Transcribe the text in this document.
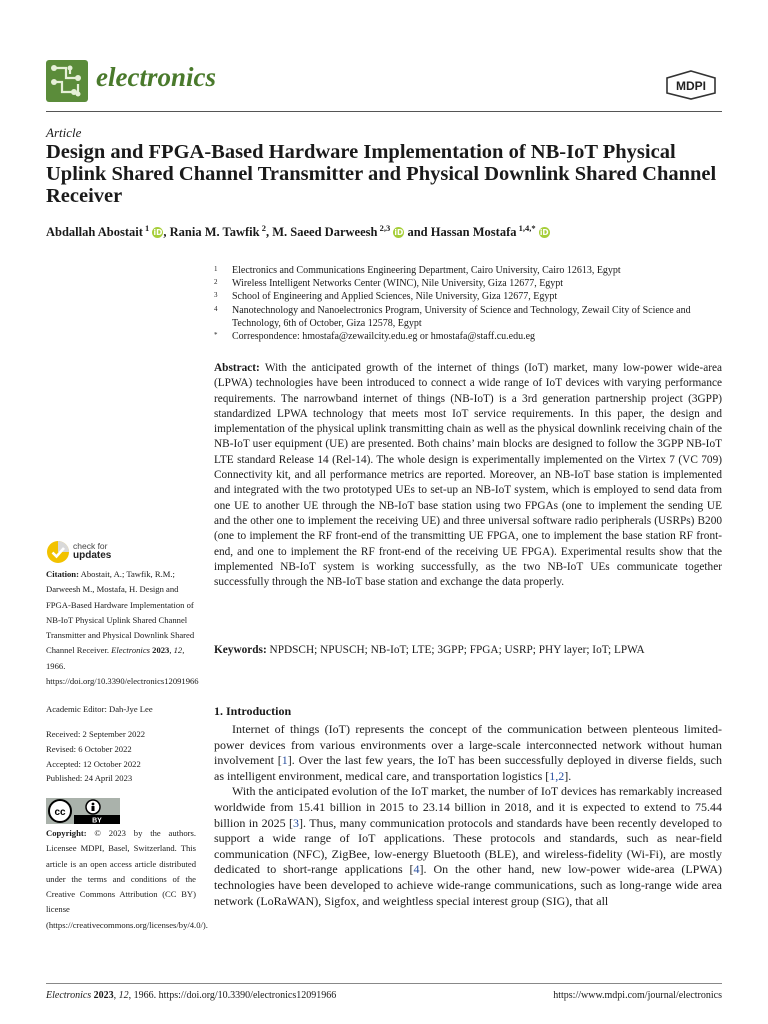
electronics	MDPI
Article
Design and FPGA-Based Hardware Implementation of NB-IoT Physical Uplink Shared Channel Transmitter and Physical Downlink Shared Channel Receiver
Abdallah Abostait $^1$ iD, Rania M. Tawfik $^2$, M. Saeed Darweesh $^{2,3}$ iD and Hassan Mostafa $^{1,4,*}$ iD
1	Electronics and Communications Engineering Department, Cairo University, Cairo 12613, Egypt
2	Wireless Intelligent Networks Center (WINC), Nile University, Giza 12677, Egypt
3	School of Engineering and Applied Sciences, Nile University, Giza 12677, Egypt
4	Nanotechnology and Nanoelectronics Program, University of Science and Technology, Zewail City of Science and Technology, 6th of October, Giza 12578, Egypt
*	Correspondence: hmostafa@zewailcity.edu.eg or hmostafa@staff.cu.edu.eg
Abstract: With the anticipated growth of the internet of things (IoT) market, many low-power wide-area (LPWA) technologies have been introduced to connect a wide range of IoT devices with varying performance requirements. The narrowband internet of things (NB-IoT) is a 3rd generation partnership project (3GPP) standardized LPWA technology that meets most IoT service requirements. In this paper, the design and implementation of the physical uplink transmitting chain as well as the physical downlink receiving chain of the NB-IoT user equipment (UE) are presented. Both chains’ main blocks are designed to follow the 3GPP NB-IoT LTE standard Release 14 (Rel-14). The whole design is experimentally implemented on the Virtex 7 (VC 709) Connectivity kit, and all performance metrics are reported. Moreover, an NB-IoT base station is implemented and integrated with the two prototyped UEs to set-up an NB-IoT system, which is employed to send data from one UE to another UE through the NB-IoT base station using two FPGAs (one to implement the sending UE and the other one to implement the receiving UE) and three universal software radio peripherals (USRPs) B200 (one to implement the RF front-end of the transmitting UE FPGA, one to implement the base station RF front-end, and one to implement the RF front-end of the receiving UE FPGA). Experimental results show that the implemented NB-IoT system is working successfully, as the two NB-IoT UEs communicate together successfully through the NB-IoT base station and exchange the data properly.
Keywords: NPDSCH; NPUSCH; NB-IoT; LTE; 3GPP; FPGA; USRP; PHY layer; IoT; LPWA
check for
updates
Citation: Abostait, A.; Tawfik, R.M.; Darweesh M., Mostafa, H. Design and FPGA-Based Hardware Implementation of NB-IoT Physical Uplink Shared Channel Transmitter and Physical Downlink Shared Channel Receiver. Electronics 2023, 12, 1966. https://doi.org/10.3390/electronics12091966
Academic Editor: Dah-Jye Lee
Received: 2 September 2022
Revised: 6 October 2022
Accepted: 12 October 2022
Published: 24 April 2023
cc
BY
Copyright: © 2023 by the authors. Licensee MDPI, Basel, Switzerland. This article is an open access article distributed under the terms and conditions of the Creative Commons Attribution (CC BY) license (https://creativecommons.org/licenses/by/4.0/).
1. Introduction

Internet of things (IoT) represents the concept of the communication between plenteous limited-power devices from various environments over a large-scale interconnected network without human involvement [1]. Over the last few years, the IoT has been successfully deployed in diverse fields, such as intelligent environment, medical care, and transportation logistics [1,2].

With the anticipated evolution of the IoT market, the number of IoT devices has remarkably increased worldwide from 15.41 billion in 2015 to 23.14 billion in 2018, and it is expected to extend to 75.44 billion in 2025 [3]. Thus, many communication protocols and standards have been recently developed to support a wide range of IoT applications. These protocols and standards, such as near-field communication (NFC), ZigBee, low-energy Bluetooth (BLE), and wireless-fidelity (Wi-Fi), are mostly dedicated to short-range applications [4]. On the other hand, new low-power wide-area (LPWA) technologies have been developed to achieve wide-range communications, such as long-range wide area network (LoRaWAN), Sigfox, and weightless special interest group (SIG), that all

Electronics 2023, 12, 1966. https://doi.org/10.3390/electronics12091966	https://www.mdpi.com/journal/electronics
